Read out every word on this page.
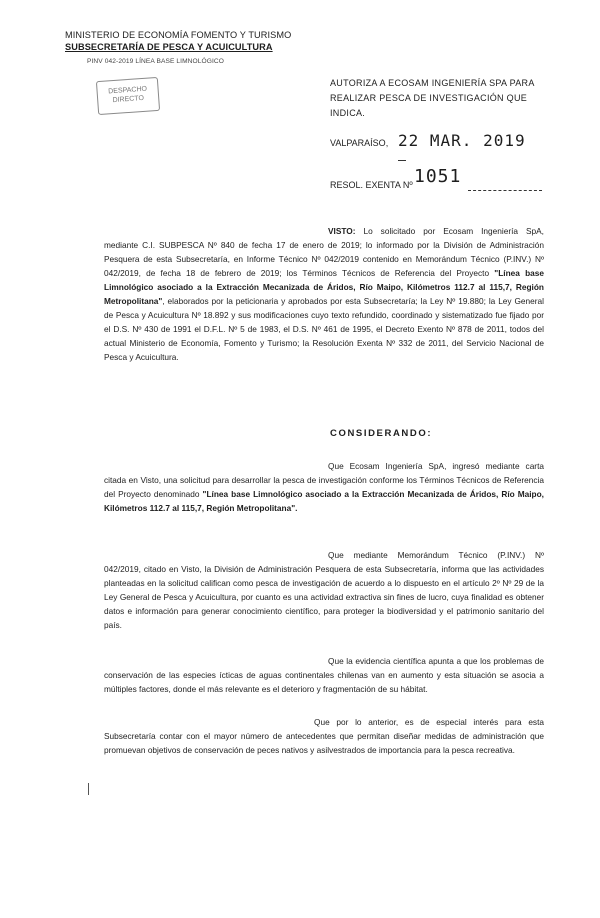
MINISTERIO DE ECONOMÍA FOMENTO Y TURISMO
SUBSECRETARÍA DE PESCA Y ACUICULTURA
PINV 042-2019 LÍNEA BASE LIMNOLÓGICO
DESPACHO
DIRECTO
AUTORIZA A ECOSAM INGENIERÍA SPA PARA REALIZAR PESCA DE INVESTIGACIÓN QUE INDICA.
VALPARAÍSO, 22 MAR. 2019
RESOL. EXENTA Nº 1051
VISTO: Lo solicitado por Ecosam Ingeniería SpA, mediante C.I. SUBPESCA Nº 840 de fecha 17 de enero de 2019; lo informado por la División de Administración Pesquera de esta Subsecretaría, en Informe Técnico Nº 042/2019 contenido en Memorándum Técnico (P.INV.) Nº 042/2019, de fecha 18 de febrero de 2019; los Términos Técnicos de Referencia del Proyecto "Línea base Limnológico asociado a la Extracción Mecanizada de Áridos, Río Maipo, Kilómetros 112.7 al 115,7, Región Metropolitana", elaborados por la peticionaria y aprobados por esta Subsecretaría; la Ley Nº 19.880; la Ley General de Pesca y Acuicultura Nº 18.892 y sus modificaciones cuyo texto refundido, coordinado y sistematizado fue fijado por el D.S. Nº 430 de 1991 el D.F.L. Nº 5 de 1983, el D.S. Nº 461 de 1995, el Decreto Exento Nº 878 de 2011, todos del actual Ministerio de Economía, Fomento y Turismo; la Resolución Exenta Nº 332 de 2011, del Servicio Nacional de Pesca y Acuicultura.
CONSIDERANDO:
Que Ecosam Ingeniería SpA, ingresó mediante carta citada en Visto, una solicitud para desarrollar la pesca de investigación conforme los Términos Técnicos de Referencia del Proyecto denominado "Línea base Limnológico asociado a la Extracción Mecanizada de Áridos, Río Maipo, Kilómetros 112.7 al 115,7, Región Metropolitana".
Que mediante Memorándum Técnico (P.INV.) Nº 042/2019, citado en Visto, la División de Administración Pesquera de esta Subsecretaría, informa que las actividades planteadas en la solicitud califican como pesca de investigación de acuerdo a lo dispuesto en el artículo 2º Nº 29 de la Ley General de Pesca y Acuicultura, por cuanto es una actividad extractiva sin fines de lucro, cuya finalidad es obtener datos e información para generar conocimiento científico, para proteger la biodiversidad y el patrimonio sanitario del país.
Que la evidencia científica apunta a que los problemas de conservación de las especies ícticas de aguas continentales chilenas van en aumento y esta situación se asocia a múltiples factores, donde el más relevante es el deterioro y fragmentación de su hábitat.
Que por lo anterior, es de especial interés para esta Subsecretaría contar con el mayor número de antecedentes que permitan diseñar medidas de administración que promuevan objetivos de conservación de peces nativos y asilvestrados de importancia para la pesca recreativa.
